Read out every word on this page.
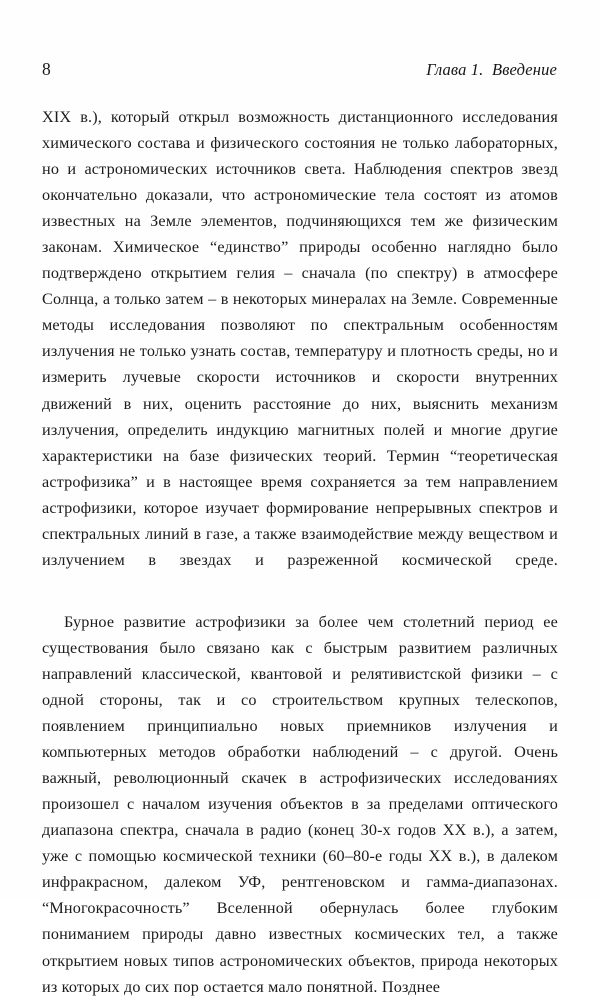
8	Глава 1.  Введение

XIX в.), который открыл возможность дистанционного исследования химического состава и физического состояния не только лабораторных, но и астрономических источников света. Наблюдения спектров звезд окончательно доказали, что астрономические тела состоят из атомов известных на Земле элементов, подчиняющихся тем же физическим законам. Химическое “единство” природы особенно наглядно было подтверждено открытием гелия – сначала (по спектру) в атмосфере Солнца, а только затем – в некоторых минералах на Земле. Современные методы исследования позволяют по спектральным особенностям излучения не только узнать состав, температуру и плотность среды, но и измерить лучевые скорости источников и скорости внутренних движений в них, оценить расстояние до них, выяснить механизм излучения, определить индукцию магнитных полей и многие другие характеристики на базе физических теорий. Термин “теоретическая астрофизика” и в настоящее время сохраняется за тем направлением астрофизики, которое изучает формирование непрерывных спектров и спектральных линий в газе, а также взаимодействие между веществом и излучением в звездах и разреженной космической среде.

Бурное развитие астрофизики за более чем столетний период ее существования было связано как с быстрым развитием различных направлений классической, квантовой и релятивистской физики – с одной стороны, так и со строительством крупных телескопов, появлением принципиально новых приемников излучения и компьютерных методов обработки наблюдений – с другой. Очень важный, революционный скачек в астрофизических исследованиях произошел с началом изучения объектов в за пределами оптического диапазона спектра, сначала в радио (конец 30-х годов XX в.), а затем, уже с помощью космической техники (60–80-е годы XX в.), в далеком инфракрасном, далеком УФ, рентгеновском и гамма-диапазонах. “Многокрасочность” Вселенной обернулась более глубоким пониманием природы давно известных космических тел, а также открытием новых типов астрономических объектов, природа некоторых из которых до сих пор остается мало понятной. Позднее
